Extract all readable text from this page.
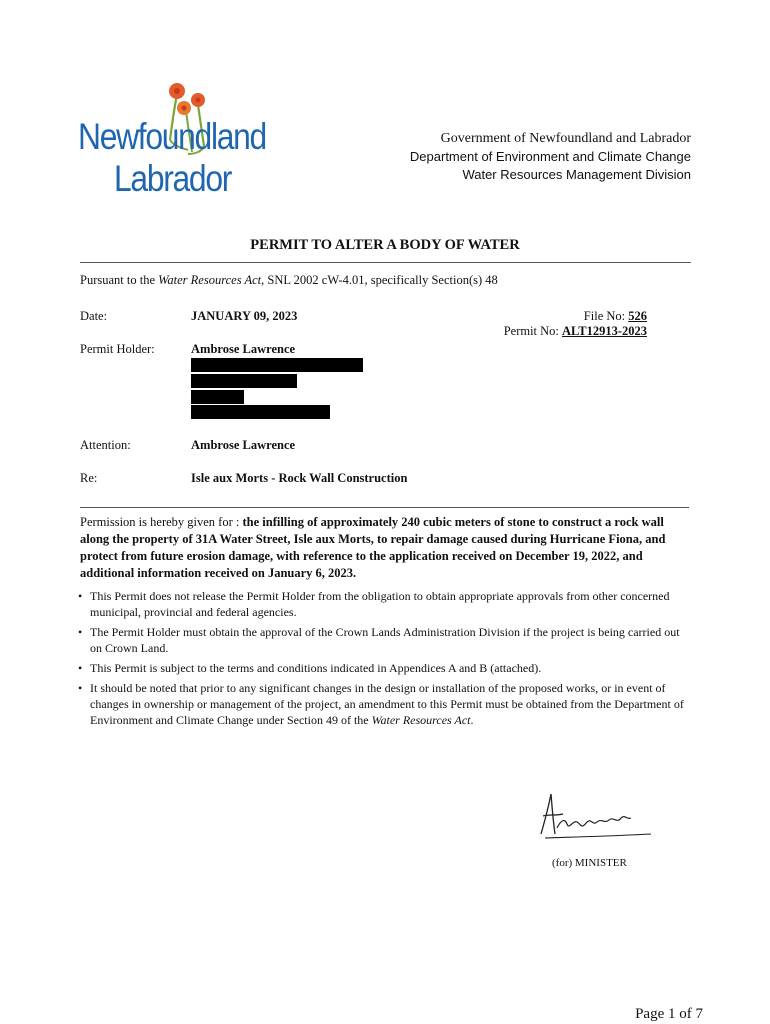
Newfoundland
Labrador
Government of Newfoundland and Labrador
Department of Environment and Climate Change
Water Resources Management Division
PERMIT TO ALTER A BODY OF WATER
Pursuant to the Water Resources Act, SNL 2002 cW-4.01, specifically Section(s) 48
Date:	JANUARY 09, 2023	File No: 526
Permit No: ALT12913-2023
Permit Holder:	Ambrose Lawrence
Attention:	Ambrose Lawrence
Re:	Isle aux Morts - Rock Wall Construction
Permission is hereby given for : the infilling of approximately 240 cubic meters of stone to construct a rock wall along the property of 31A Water Street, Isle aux Morts, to repair damage caused during Hurricane Fiona, and protect from future erosion damage, with reference to the application received on December 19, 2022, and additional information received on January 6, 2023.
• This Permit does not release the Permit Holder from the obligation to obtain appropriate approvals from other concerned municipal, provincial and federal agencies.
• The Permit Holder must obtain the approval of the Crown Lands Administration Division if the project is being carried out on Crown Land.
• This Permit is subject to the terms and conditions indicated in Appendices A and B (attached).
• It should be noted that prior to any significant changes in the design or installation of the proposed works, or in event of changes in ownership or management of the project, an amendment to this Permit must be obtained from the Department of Environment and Climate Change under Section 49 of the Water Resources Act.
(for) MINISTER
Page 1 of 7
